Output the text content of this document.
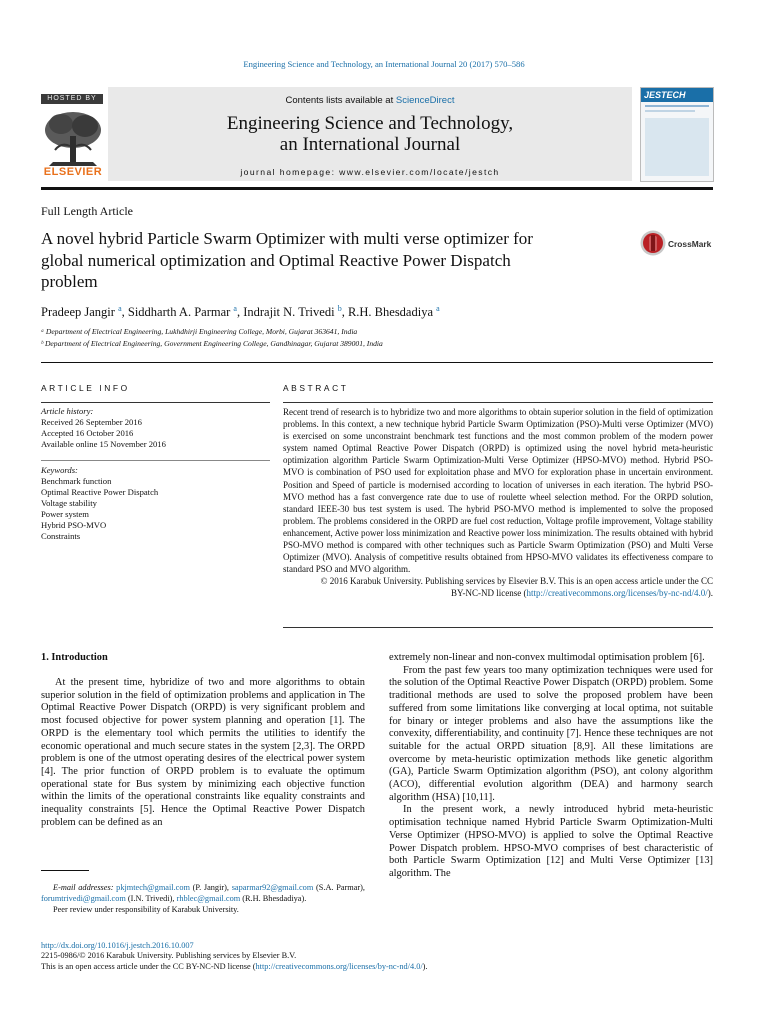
Engineering Science and Technology, an International Journal 20 (2017) 570–586
HOSTED BY
ELSEVIER
Contents lists available at ScienceDirect
Engineering Science and Technology,
an International Journal
journal homepage: www.elsevier.com/locate/jestch
JESTECH
Full Length Article
A novel hybrid Particle Swarm Optimizer with multi verse optimizer for
global numerical optimization and Optimal Reactive Power Dispatch
problem
CrossMark
Pradeep Jangir $^a$, Siddharth A. Parmar $^a$, Indrajit N. Trivedi $^b$, R.H. Bhesdadiya $^a$
ᵃ Department of Electrical Engineering, Lukhdhirji Engineering College, Morbi, Gujarat 363641, India
ᵇ Department of Electrical Engineering, Government Engineering College, Gandhinagar, Gujarat 389001, India
ARTICLE INFO
Article history:
Received 26 September 2016
Accepted 16 October 2016
Available online 15 November 2016
Keywords:
Benchmark function
Optimal Reactive Power Dispatch
Voltage stability
Power system
Hybrid PSO-MVO
Constraints
ABSTRACT
Recent trend of research is to hybridize two and more algorithms to obtain superior solution in the field of optimization problems. In this context, a new technique hybrid Particle Swarm Optimization (PSO)-Multi verse Optimizer (MVO) is exercised on some unconstraint benchmark test functions and the most common problem of the modern power system named Optimal Reactive Power Dispatch (ORPD) is optimized using the novel hybrid meta-heuristic optimization algorithm Particle Swarm Optimization-Multi Verse Optimizer (HPSO-MVO) method. Hybrid PSO-MVO is combination of PSO used for exploitation phase and MVO for exploration phase in uncertain environment. Position and Speed of particle is modernised according to location of universes in each iteration. The hybrid PSO-MVO method has a fast convergence rate due to use of roulette wheel selection method. For the ORPD solution, standard IEEE-30 bus test system is used. The hybrid PSO-MVO method is implemented to solve the proposed problem. The problems considered in the ORPD are fuel cost reduction, Voltage profile improvement, Voltage stability enhancement, Active power loss minimization and Reactive power loss minimization. The results obtained with hybrid PSO-MVO method is compared with other techniques such as Particle Swarm Optimization (PSO) and Multi Verse Optimizer (MVO). Analysis of competitive results obtained from HPSO-MVO validates its effectiveness compare to standard PSO and MVO algorithm.
© 2016 Karabuk University. Publishing services by Elsevier B.V. This is an open access article under the CC
BY-NC-ND license (http://creativecommons.org/licenses/by-nc-nd/4.0/).
1. Introduction

At the present time, hybridize of two and more algorithms to obtain superior solution in the field of optimization problems and application in The Optimal Reactive Power Dispatch (ORPD) is very significant problem and most focused objective for power system planning and operation [1]. The ORPD is the elementary tool which permits the utilities to identify the economic operational and much secure states in the system [2,3]. The ORPD problem is one of the utmost operating desires of the electrical power system [4]. The prior function of ORPD problem is to evaluate the optimum operational state for Bus system by minimizing each objective function within the limits of the operational constraints like equality constraints and inequality constraints [5]. Hence the Optimal Reactive Power Dispatch problem can be defined as an

extremely non-linear and non-convex multimodal optimisation problem [6].

From the past few years too many optimization techniques were used for the solution of the Optimal Reactive Power Dispatch (ORPD) problem. Some traditional methods are used to solve the proposed problem have been suffered from some limitations like converging at local optima, not suitable for binary or integer problems and also have the assumptions like the convexity, differentiability, and continuity [7]. Hence these techniques are not suitable for the actual ORPD situation [8,9]. All these limitations are overcome by meta-heuristic optimization methods like genetic algorithm (GA), Particle Swarm Optimization algorithm (PSO), ant colony algorithm (ACO), differential evolution algorithm (DEA) and harmony search algorithm (HSA) [10,11].

In the present work, a newly introduced hybrid meta-heuristic optimisation technique named Hybrid Particle Swarm Optimization-Multi Verse Optimizer (HPSO-MVO) is applied to solve the Optimal Reactive Power Dispatch problem. HPSO-MVO comprises of best characteristic of both Particle Swarm Optimization [12] and Multi Verse Optimizer [13] algorithm. The

E-mail addresses: pkjmtech@gmail.com (P. Jangir), saparmar92@gmail.com (S.A. Parmar), forumtrivedi@gmail.com (I.N. Trivedi), rhblec@gmail.com (R.H. Bhesdadiya).
Peer review under responsibility of Karabuk University.
http://dx.doi.org/10.1016/j.jestch.2016.10.007
2215-0986/© 2016 Karabuk University. Publishing services by Elsevier B.V.
This is an open access article under the CC BY-NC-ND license (http://creativecommons.org/licenses/by-nc-nd/4.0/).
